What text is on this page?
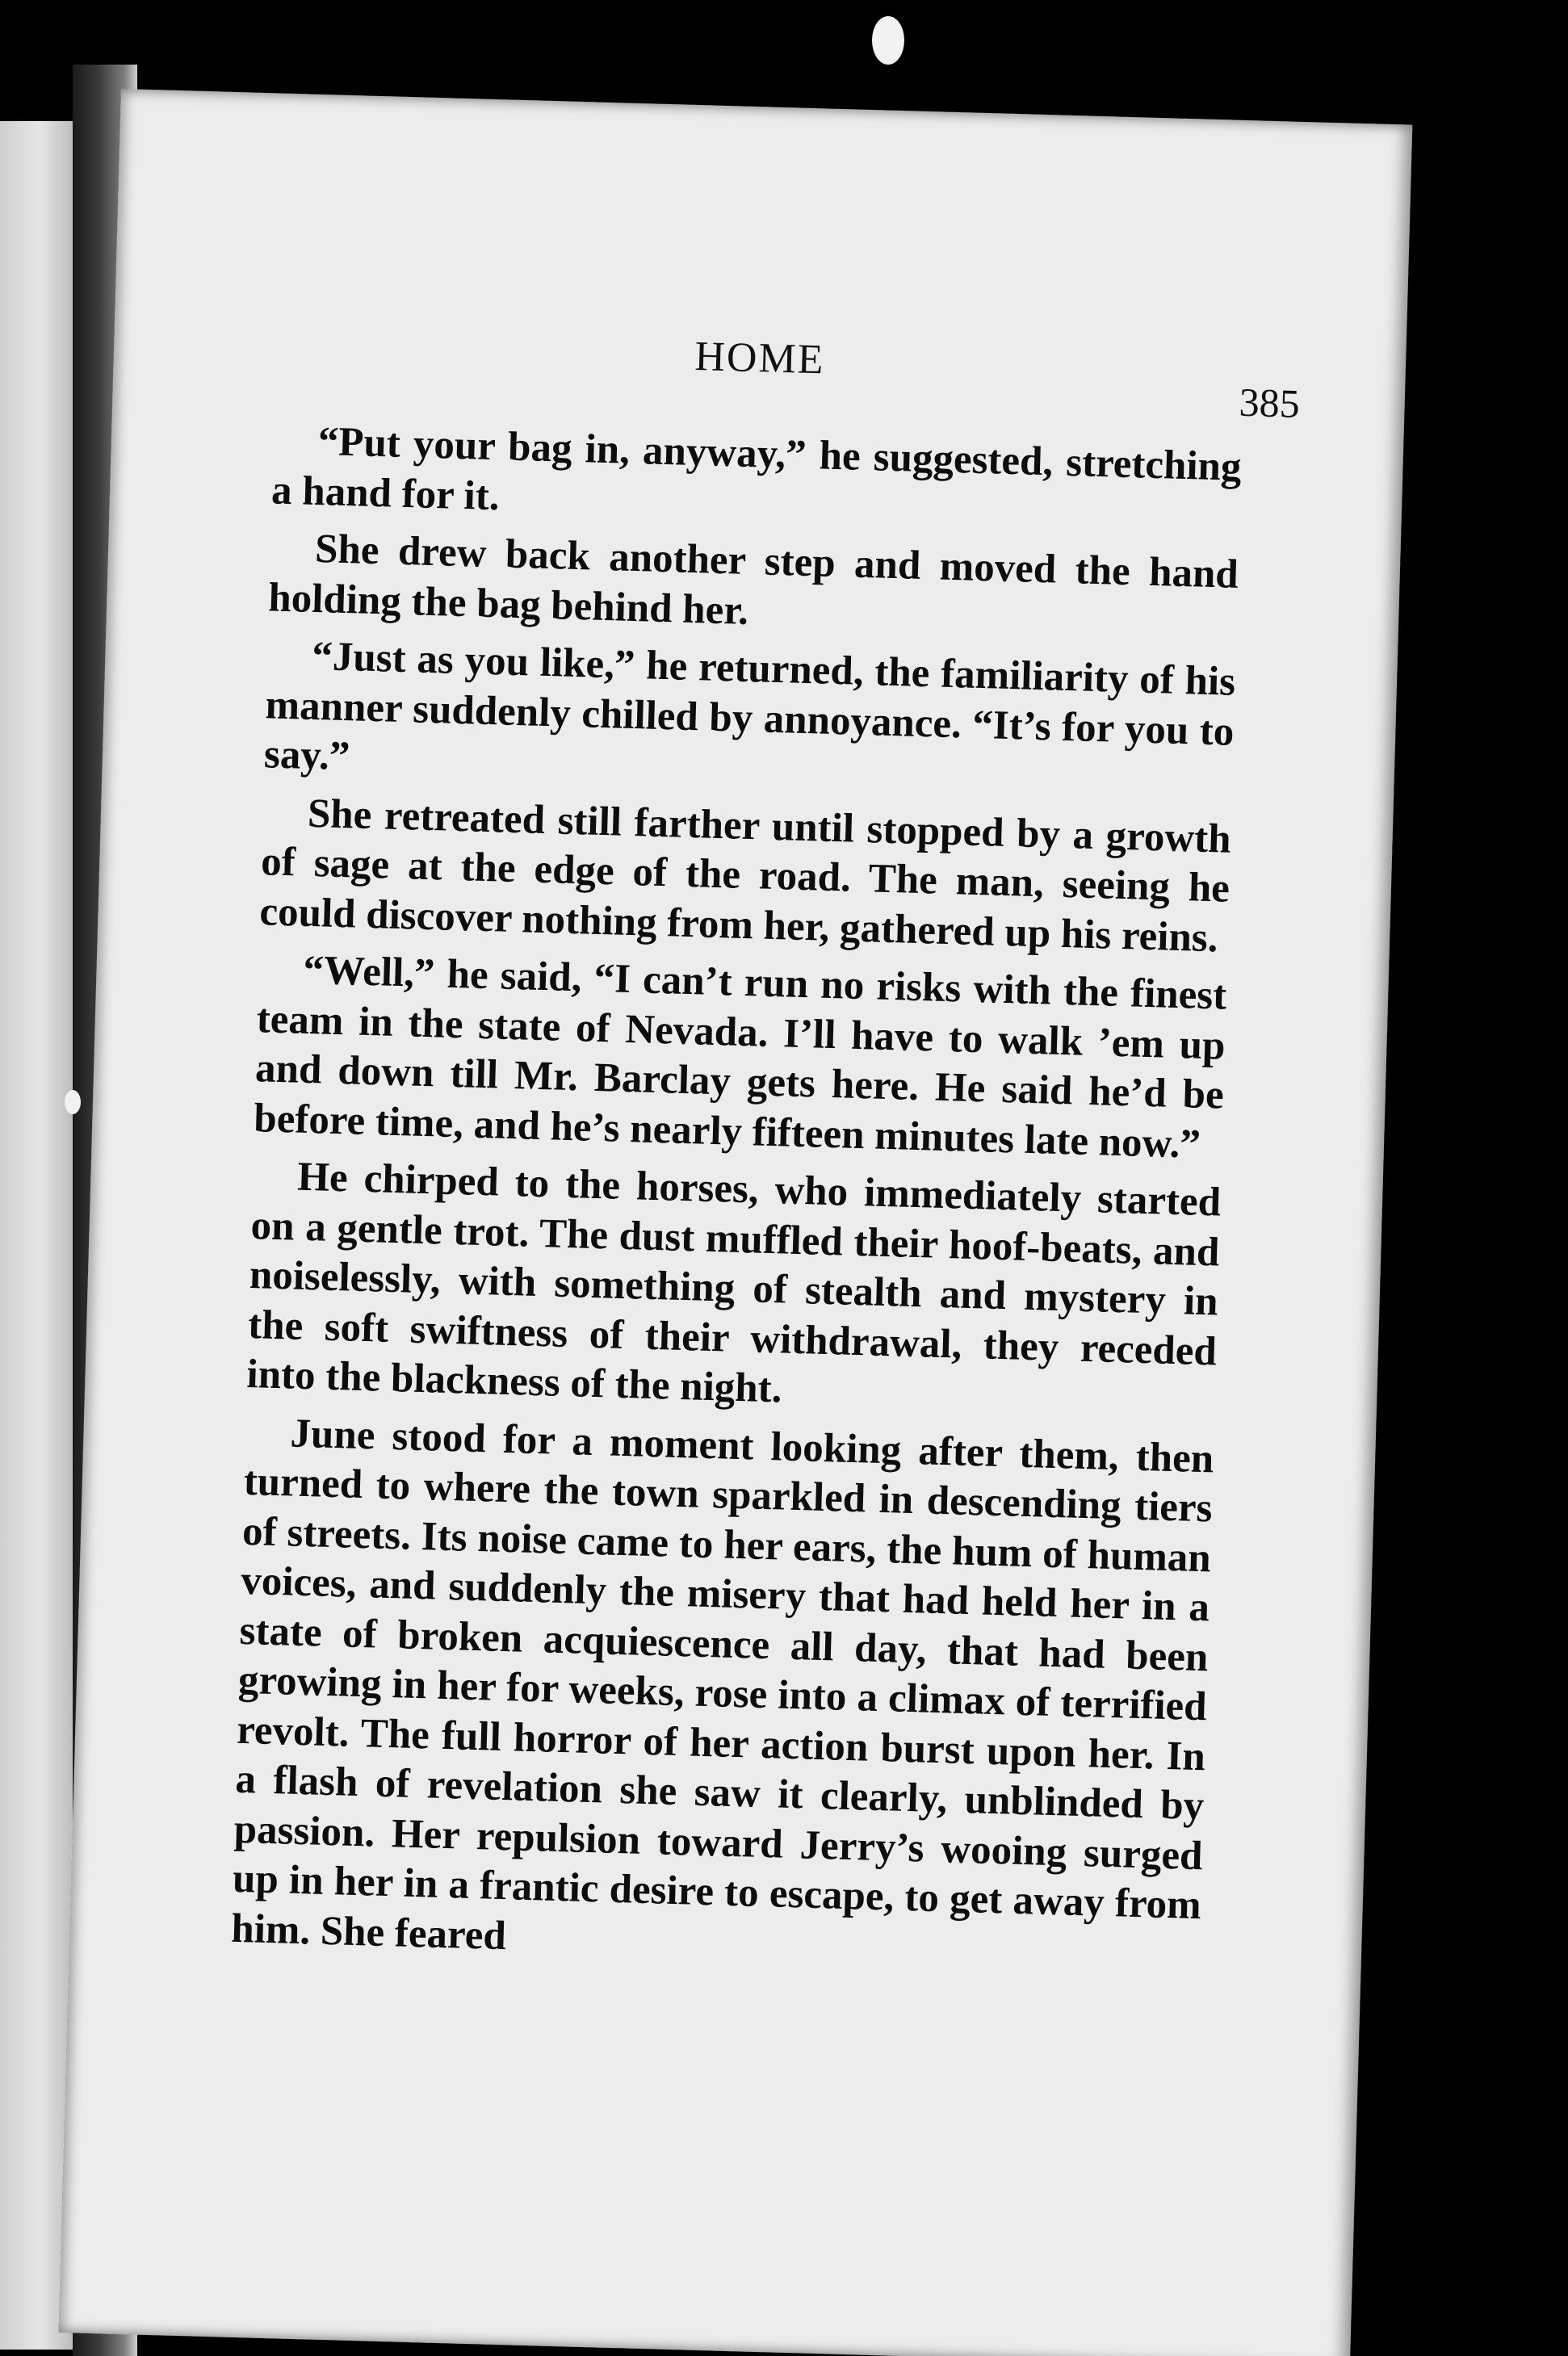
HOME
385

“Put your bag in, anyway,” he suggested, stretching a hand for it.

She drew back another step and moved the hand holding the bag behind her.

“Just as you like,” he returned, the familiarity of his manner suddenly chilled by annoyance. “It’s for you to say.”

She retreated still farther until stopped by a growth of sage at the edge of the road. The man, seeing he could discover nothing from her, gathered up his reins.

“Well,” he said, “I can’t run no risks with the finest team in the state of Nevada. I’ll have to walk ’em up and down till Mr. Barclay gets here. He said he’d be before time, and he’s nearly fifteen minutes late now.”

He chirped to the horses, who immediately started on a gentle trot. The dust muffled their hoof-beats, and noiselessly, with something of stealth and mystery in the soft swiftness of their withdrawal, they receded into the blackness of the night.

June stood for a moment looking after them, then turned to where the town sparkled in descending tiers of streets. Its noise came to her ears, the hum of human voices, and suddenly the misery that had held her in a state of broken acquiescence all day, that had been growing in her for weeks, rose into a climax of terrified revolt. The full horror of her action burst upon her. In a flash of revelation she saw it clearly, unblinded by passion. Her repulsion toward Jerry’s wooing surged up in her in a frantic desire to escape, to get away from him. She feared
